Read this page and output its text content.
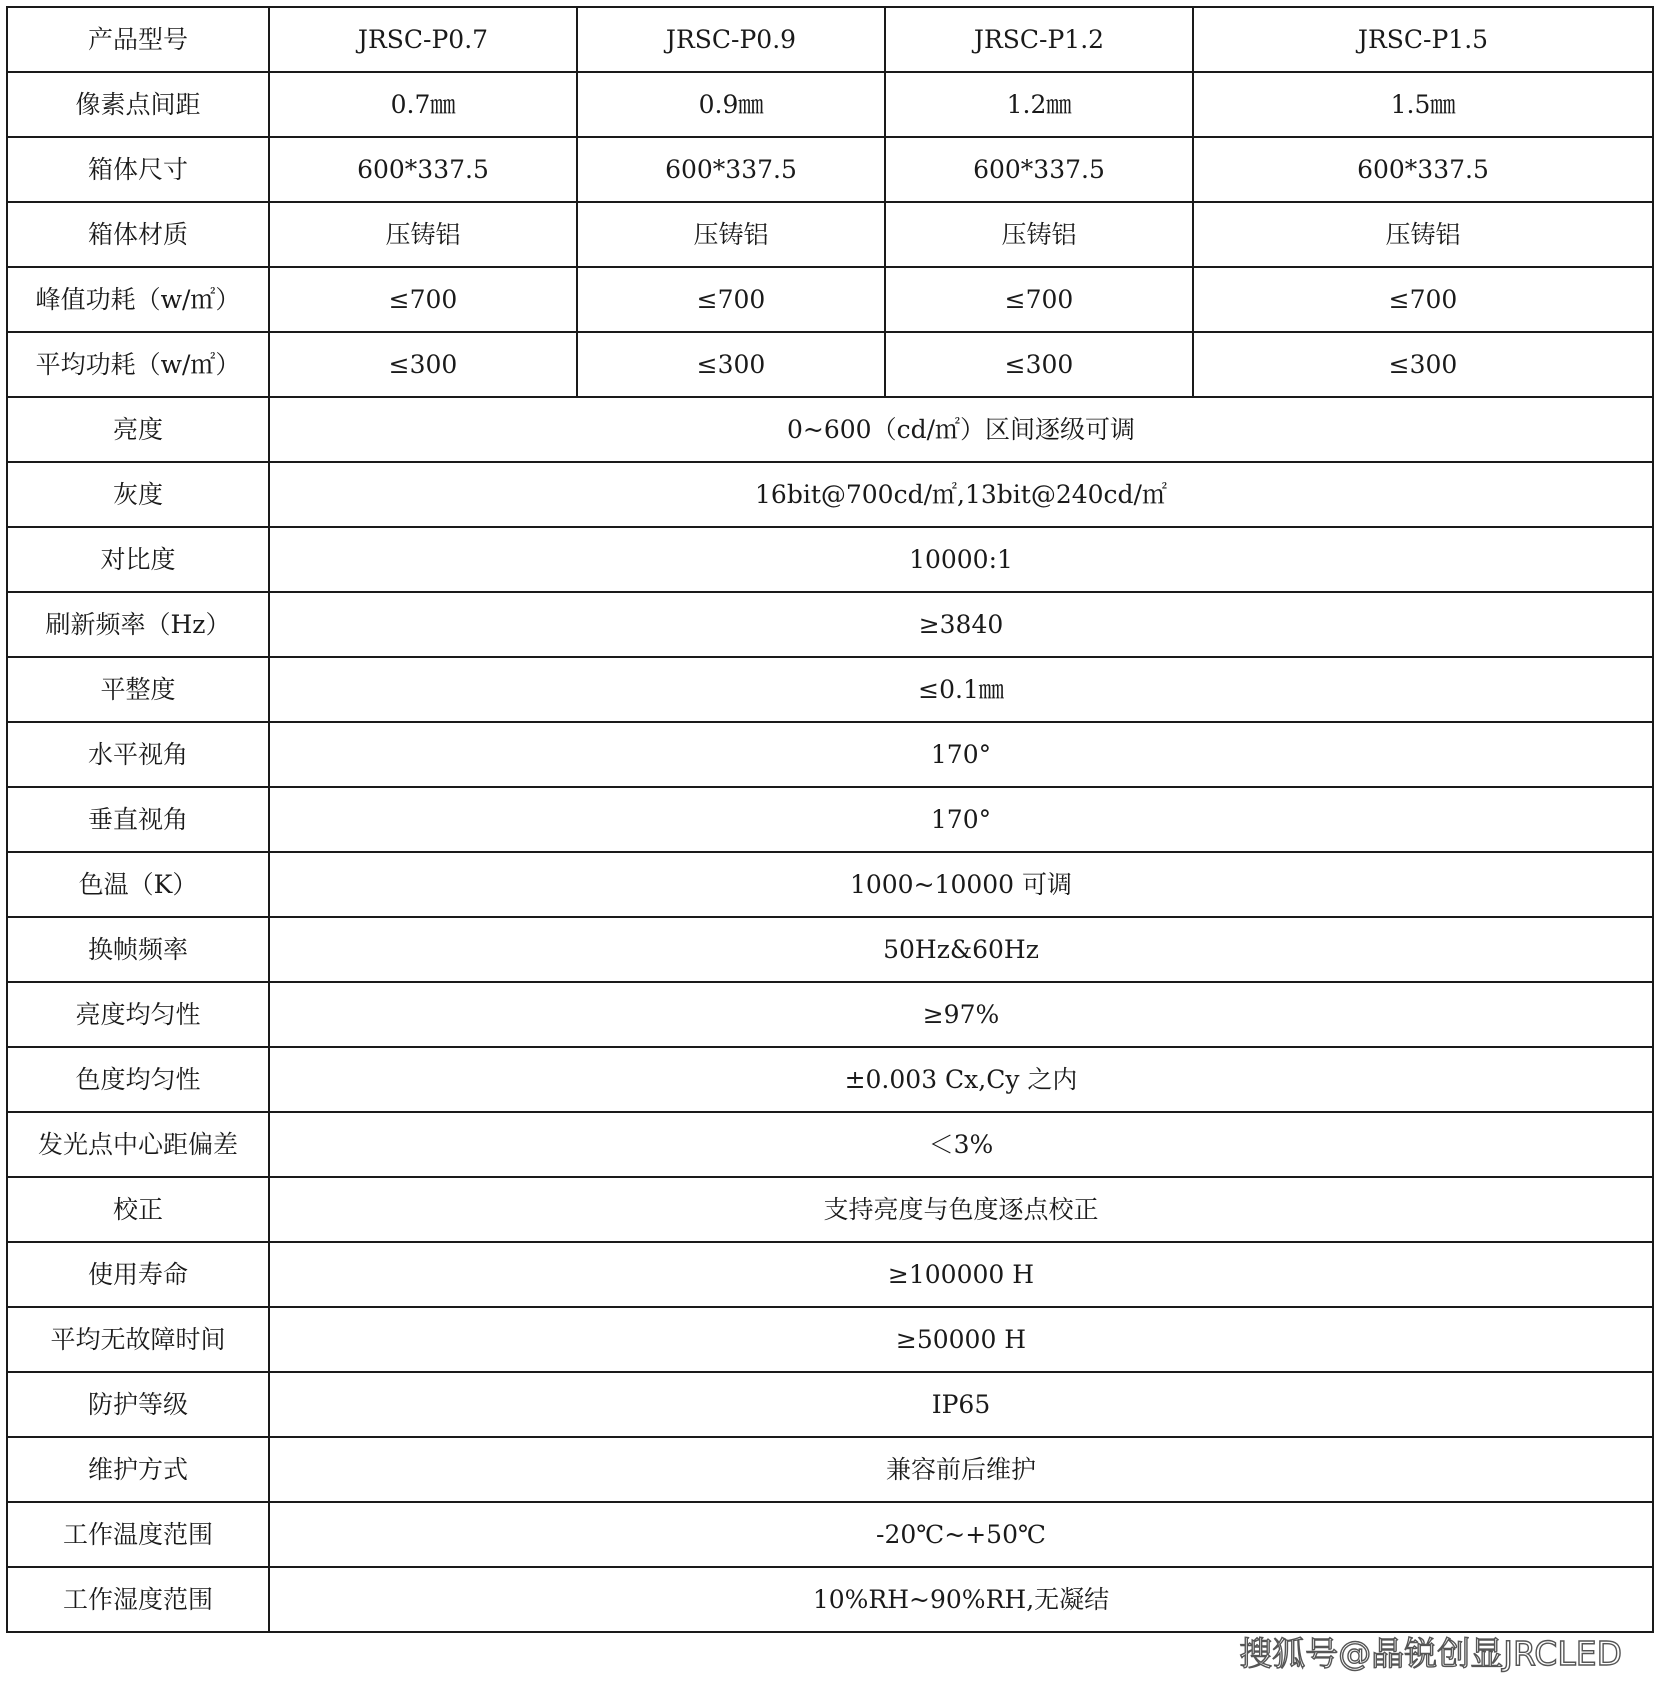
产品型号	JRSC-P0.7	JRSC-P0.9	JRSC-P1.2	JRSC-P1.5
像素点间距	0.7㎜	0.9㎜	1.2㎜	1.5㎜
箱体尺寸	600*337.5	600*337.5	600*337.5	600*337.5
箱体材质	压铸铝	压铸铝	压铸铝	压铸铝
峰值功耗（w/㎡）	≤700	≤700	≤700	≤700
平均功耗（w/㎡）	≤300	≤300	≤300	≤300
亮度	0~600（cd/㎡）区间逐级可调			
灰度	16bit@700cd/㎡,13bit@240cd/㎡			
对比度	10000:1			
刷新频率（Hz）	≥3840			
平整度	≤0.1㎜			
水平视角	170°			
垂直视角	170°			
色温（K）	1000~10000 可调			
换帧频率	50Hz&60Hz			
亮度均匀性	≥97%			
色度均匀性	±0.003 Cx,Cy 之内			
发光点中心距偏差	＜3%			
校正	支持亮度与色度逐点校正			
使用寿命	≥100000 H			
平均无故障时间	≥50000 H			
防护等级	IP65			
维护方式	兼容前后维护			
工作温度范围	-20℃~+50℃			
工作湿度范围	10%RH~90%RH,无凝结			
搜狐号@晶锐创显JRCLED
